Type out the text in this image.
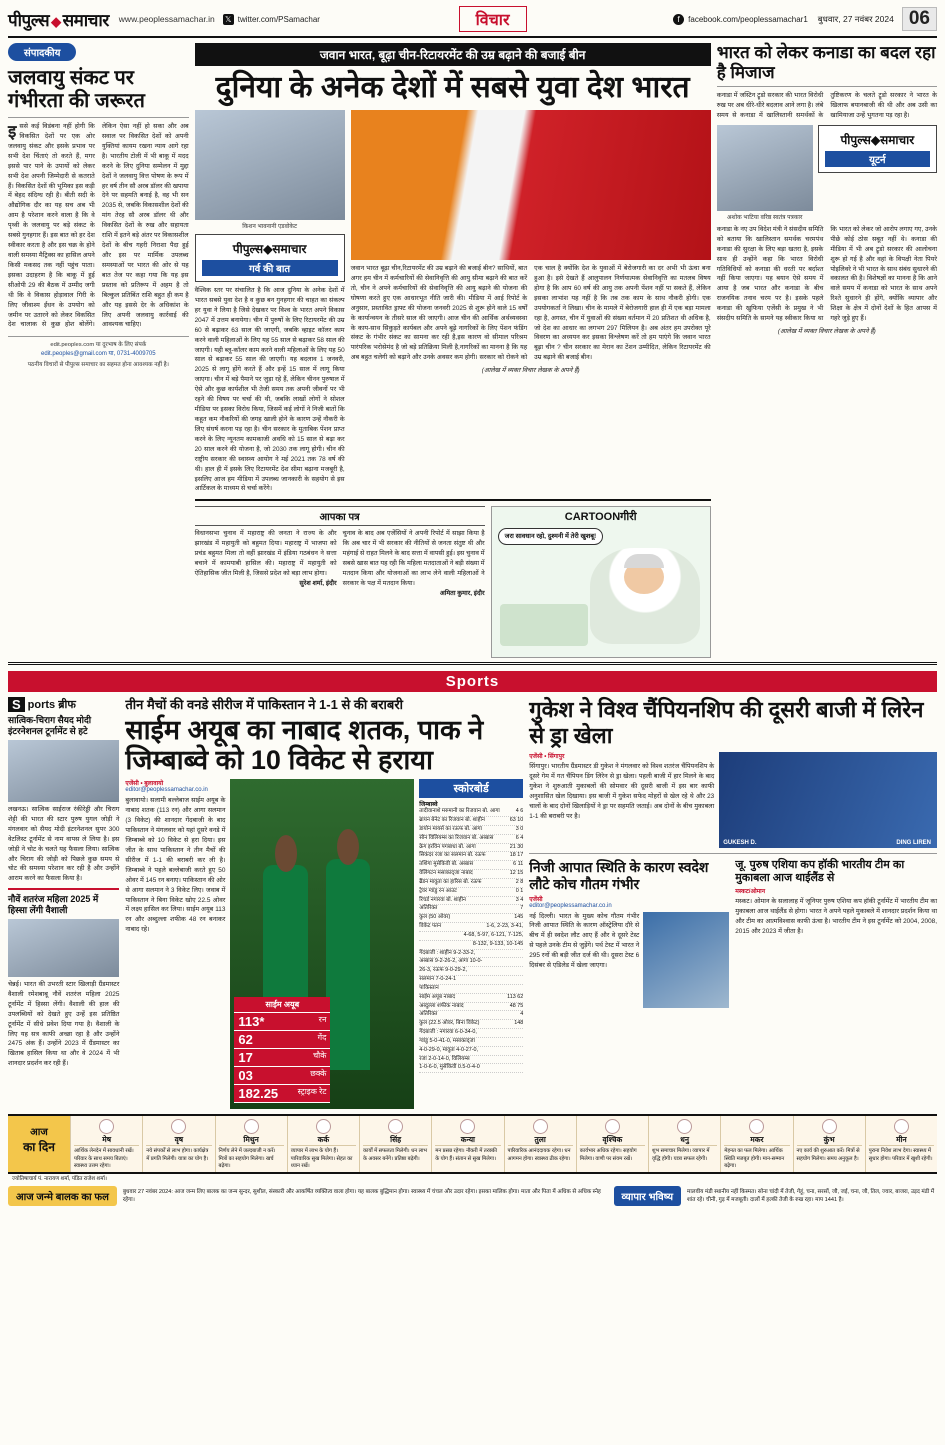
पीपुल्स ◆ समाचार www.peoplessamachar.in 𝕏 twitter.com/PSamachar	विचार	f	facebook.com/peoplessamachar1 बुधवार, 27 नवंबर 2024 06
संपादकीय
जलवायु संकट पर गंभीरता की जरूरत
इससे कई विडंबना नहीं होगी कि विकसित देशों पर एक ओर जलवायु संकट और इसके प्रभाव पर सभी देश चिंताएं तो करते हैं, मगर इससे पार पाने के उपायों को लेकर सभी देश अपनी जिम्मेदारी से कतराते हैं। विकसित देशों की भूमिका इस कड़ी में बेहद संदिग्ध रही है। बीती सदी के औद्योगिक दौर का यह सच अब भी आम है परेशान करने वाला है कि वे पृथ्वी के जलवायु पर बड़े संकट के सबसे गुनहगार हैं। इस बात को हर देश स्वीकार करता है और इस चक्र के होने वाली समस्या मैट्रिक्स का हासिल अपने किसी मकसद तक नहीं पहुंच पाता। इसका उदाहरण है कि बाकू में हुई सीओपी 29 की बैठक में उम्मीद जगी थी कि वे विकास होड़ावाल गिरी के लिए जीवाश्म ईंधन के उपयोग को जमीन पर उतारने को लेकर विकसित देश चालाक से कुछ होश बोलेंगे। लेकिन ऐसा नहीं हो सका और अब सवाल पर विकसित देशों को अपनी युक्तियां कायम रखना न्याय आगे रहा है। भारतीय टोली में भी बाकू में मदद करने के लिए दुनिया सम्मेलन में मुद्दा देशों ने जलवायु वित्त पोषण के रूप में हर वर्ष तीन सौ अरब डॉलर की खपाया देने पर सहमति बनाई है, वह भी सन 2035 से, जबकि विकासशील देशों की मांग तेरह सौ अरब डॉलर थी और विकसित देशों के रुख और सहायता राशि में इतने बड़े अंतर पर विकासशील देशों के बीच गहरी निराशा पैदा हुई और इस पर मार्मिक उपलब्ध समस्याओं पर भारत की ओर से यह बात तेज पर कहा गया कि यह इस प्रस्ताव को प्रतिरूप में अहम है तो बिल्कुल प्रतिबिंत राशि बहुत ही कम है और यह इससे देर के अधिकांश के लिए अपनी जलवायु कार्रवाई की आवश्यक चाहिए।
edit.peoples.com या दूरभाष के लिए संपर्क
edit.peoples@gmail.com या, 0731-4009705
पठनीय विचारों से पीपुल्स समाचार का सहमत होना आवश्यक नहीं है।
जवान भारत, बूढ़ा चीन-रिटायरमेंट की उम्र बढ़ाने की बजाई बीन
दुनिया के अनेक देशों में सबसे युवा देश भारत
किशन भावनानी एडवोकेट
पीपुल्स◆समाचार
गर्व की बात
वैश्विक स्तर पर संचालित है कि आज दुनिया के अनेक देशों में भारत सबसे युवा देश है व कुछ बन गुनहगार की चाहत का संकल्प हर युवा ने लिया है जिसे देखकर पर विश्व के भारत अपने विकास 2047 में उत्तम बनायेगा। चीन में पुरुषों के लिए रिटायरमेंट की उम्र 60 से बढ़ाकर 63 साल की जाएगी, जबकि व्हाइट कॉलर काम करने वाली महिलाओं के लिए यह 55 साल से बढ़ाकर 58 साल की जाएगी। यही ब्लू-कॉलर काम करने वाली महिलाओं के लिए यह 50 साल से बढ़ाकर 55 साल की जाएगी। यह बदलाव 1 जनवरी, 2025 से लागू होंगे करते हैं और इन्हें 15 साल में लागू किया जाएगा। चीन में बड़े पैमाने पर जुड़ा रहे हैं, लेकिन चीनन पुरुषाल में ऐसे और कुछ कार्यशील भी तेजी समय तक अपनी जीवनों पर भी रहने की विषय पर चर्चा की थी, जबकि लाखों लोगों ने सोशल मीडिया पर इसका विरोध किया, जिसमें कई लोगों ने निजी बातों कि कहूत कम नौकरियों की जगह खाली होने के कारण उन्हें नौकरी के लिए संघर्ष करना पड़ रहा है। चीन सरकार के मुताबिक पेंशन प्राप्त करने के लिए न्यूनतम कामकाजी अवधि को 15 साल से बढ़ा कर 20 साल करने की योजना है, जो 2030 तक लागू होगी। चीन की राष्ट्रीय सरकार की स्वास्थ्य आयोग ने मई 2021 तक 78 वर्ष की थी। हाल ही में इसके लिए रिटायरमेंट देश सीमा बढ़ाना मजबूरी है, इसलिए आज हम मीडिया में उपलब्ध जानकारी के सहयोग से इस आर्टिकल के माध्यम से चर्चा करेंगे।
जवान भारत बूढ़ा चीन,रिटायरमेंट की उम्र बढ़ाने की बजाई बीन? साथियों, बात अगर हम चीन में कर्मचारियों की सेवानिवृत्ति की आयु सीमा बढ़ाने की बात करें तो, चीन ने अपने कर्मचारियों की सेवानिवृत्ति की आयु बढ़ाने की योजना की घोषणा करते हुए एक आधारभूत नीति जारी की। मीडिया में आई रिपोर्ट के अनुसार, प्रस्तावित ड्राफ्ट की योजना जनवरी 2025 से शुरू होने वाले 15 वर्षों के कार्यान्वयन के तीसरे साल की जाएगी। आज चीन की आर्थिक अर्थव्यवस्था के काय-साथ सिकुड़ते कार्यबल और अपने बूढ़े नागरिकों के लिए पेंशन फंडिंग संकट के गंभीर संकट का सामना कर रही है,इस कारण वो सीमाल परिश्रम पारंपरिक भरोसेमंद है जो बड़े प्रतिक्रिया मिली है,नागरिकों का मानना है कि यह अब बहुत चलेगी को बढ़ाने और उनके अवसर कम होगी। सरकार को रोकने को एक चाल है क्योंकि देश के युवाओं में बेरोजगारी का दर अभी भी ऊंचा बना हुआ है। इसे देखते हैं आलुपालन निर्णयात्मक सेवानिवृत्ति का मतलब विषय होगा है कि आप 60 वर्ष की आयु तक अपनी पेंशन नहीं पा सकते हैं, लेकिन इसका लाभांश यह नहीं है कि तब तक काम के साथ नौकरी होगी। एक उपयोगकर्ता ने लिखा। चीन के मामले में बेरोजगारी हाल ही में एक बड़ा मामला रहा है, अगस्त, चीन में युवाओं की संख्या वर्तमान में 20 प्रतिशत थी अधिक है, जो देश का आधार का लगभग 297 मिलियन है। अब अंतर हम उपरोक्त पूरे विवरण का अध्ययन कर इसका विश्लेषण करें तो हम पाएंगे कि जवान भारत बूढ़ा चीन ? चीन सरकार का मेरान का टेंशन उम्मीदित, लेकिन रिटायरमेंट की उम्र बढ़ाने की बजाई बीन।
(आलेख में व्यक्त विचार लेखक के अपने हैं)
आपका पत्र
विधानसभा चुनाव में महाराष्ट्र की जनता ने राज्य के और झारखंड में महायुती को बहुमत दिया। महाराष्ट्र में भाजपा को प्रचंड बहुमत मिला तो वहीं झारखंड में इंडिया गठबंधन ने सत्ता बचाने में कामयाबी हासिल की। महाराष्ट्र में महायुती को ऐतिहासिक जीत मिली है, जिससे प्रदेश को बड़ा लाभ होगा।
सुरेश शर्मा, इंदौर
चुनाव के बाद अब एजेंसियों ने अपनी रिपोर्ट में साझा किया है कि अब चार में भी सरकार की नीतियों से जनता संतुष्ट थी और महंगाई से राहत मिलने के बाद सत्ता में वापसी हुई। इस चुनाव में सबसे खास बात यह रही कि महिला मतदाताओं ने बड़ी संख्या में मतदान किया और योजनाओं का लाभ लेने वाली महिलाओं ने सरकार के पक्ष में मतदान किया।
अमिता कुमार, इंदौर
CARTOONगीरी
जरा सावधान रहो, दुश्मनी में तेरी खुशबू!
भारत को लेकर कनाडा का बदल रहा है मिजाज
कनाडा में जस्टिन ट्रूडो सरकार की भारत विरोधी रुख पर अब धीरे-धीरे बदलाव आने लगा है। लंबे समय से कनाडा में खालिस्तानी समर्थकों के तुष्टिकरण के चलते ट्रूडो सरकार ने भारत के खिलाफ बयानबाजी की थी और अब उसी का खामियाजा उन्हें भुगतना पड़ रहा है।
अशोक भाटिया वरिष्ठ स्वतंत्र पत्रकार
पीपुल्स◆समाचार
यूटर्न
कनाडा के नए उप विदेश मंत्री ने संसदीय समिति को बताया कि खालिस्तान समर्थक चरमपंथ कनाडा की सुरक्षा के लिए बड़ा खतरा है, इसके साथ ही उन्होंने कहा कि भारत विरोधी गतिविधियों को कनाडा की धरती पर बर्दाश्त नहीं किया जाएगा। यह बयान ऐसे समय में आया है जब भारत और कनाडा के बीच राजनयिक तनाव चरम पर है। इसके पहले कनाडा की खुफिया एजेंसी के प्रमुख ने भी संसदीय समिति के सामने यह स्वीकार किया था कि भारत को लेकर जो आरोप लगाए गए, उनके पीछे कोई ठोस सबूत नहीं थे। कनाडा की मीडिया में भी अब ट्रूडो सरकार की आलोचना शुरू हो गई है और वहां के विपक्षी नेता पियरे पोइलिवरे ने भी भारत के साथ संबंध सुधारने की वकालत की है। विशेषज्ञों का मानना है कि आने वाले समय में कनाडा को भारत के साथ अपने रिश्ते सुधारने ही होंगे, क्योंकि व्यापार और शिक्षा के क्षेत्र में दोनों देशों के हित आपस में गहरे जुड़े हुए हैं।
(आलेख में व्यक्त विचार लेखक के अपने हैं)
Sports
S ports ब्रीफ
सात्विक-चिराग सैयद मोदी इंटरनेशनल टूर्नामेंट से हटे
लखनऊ। सात्विक साईराज रंकीरेड्डी और चिराग शेट्टी की भारत की स्टार पुरुष युगल जोड़ी ने मंगलवार को सैयद मोदी इंटरनेशनल सुपर 300 वेटलिस्ट टूर्नामेंट से नाम वापस ले लिया है। इस जोड़ी ने चोट के चलते यह फैसला लिया। सात्विक और चिराग की जोड़ी को पिछले कुछ समय से चोट की समस्या परेशान कर रही है और उन्होंने आराम करने का फैसला किया है।
नौवें शतरंज महिला 2025 में हिस्सा लेंगी वैशाली
चेन्नई। भारत की उभरती स्टार खिलाड़ी ग्रैंडमास्टर वैशाली रमेशबाबू नौवें शतरंज महिला 2025 टूर्नामेंट में हिस्सा लेंगी। वैशाली की हाल की उपलब्धियों को देखते हुए उन्हें इस प्रतिष्ठित टूर्नामेंट में सीधे प्रवेश दिया गया है। वैशाली के लिए यह सत्र काफी अच्छा रहा है और उन्होंने 2475 अंक हैं। उन्होंने 2023 में ग्रैंडमास्टर का खिताब हासिल किया था और वे 2024 में भी शानदार प्रदर्शन कर रही हैं।
तीन मैचों की वनडे सीरीज में पाकिस्तान ने 1-1 से की बराबरी
साईम अयूब का नाबाद शतक, पाक ने जिम्बाब्वे को 10 विकेट से हराया
एजेंसी • बुलावायो
editor@peoplessamachar.co.in
बुलावायो। सलामी बल्लेबाज साईम अयूब के नाबाद शतक (113 रन) और आगा सलमान (3 विकेट) की शानदार गेंदबाजी के बाद पाकिस्तान ने मंगलवार को यहां दूसरे वनडे में जिम्बाब्वे को 10 विकेट से हरा दिया। इस जीत के साथ पाकिस्तान ने तीन मैचों की सीरीज में 1-1 की बराबरी कर ली है। जिम्बाब्वे ने पहले बल्लेबाजी करते हुए 50 ओवर में 145 रन बनाए। पाकिस्तान की ओर से आगा सलमान ने 3 विकेट लिए। जवाब में पाकिस्तान ने बिना विकेट खोए 22.5 ओवर में लक्ष्य हासिल कर लिया। साईम अयूब 113 रन और अब्दुल्ला शफीक 48 रन बनाकर नाबाद रहे।
साईम अयूब
113*	रन
62	गेंद
17	चौके
03	छक्के
182.25 स्ट्राइक रेट
स्कोरबोर्ड
जिम्बाब्वे
तादीवानाशे मरुमानी का रिजवान बो. आगा	4 6
ब्रायन बेनेट का रिजवान बो. शाहीन	63 10
डायोन मायर्स का रऊफ बो. आगा	3 0
सीन विलियम्स का रिजवान बो. अब्बास	6 4
क्रेग इरविन पगबाधा बो. आगा	21 30
सिकंदर रजा का सलमान बो. रऊफ	18 17
तशिंगा मुसेकिवी बो. अब्बास	6 11
वेलिंगटन मसाकाद्जा नाबाद	12 15
ब्रैंडन मावुता का हारिस बो. रऊफ	2 8
ट्रेवर ग्वांडु रन आउट	0 1
रिचर्ड नगारवा बो. शाहीन	3 4
अतिरिक्त	7
कुल (50 ओवर)	145
विकेट पतन	1-6, 2-23, 3-41,
4-68, 5-97, 6-121, 7-125,
8-132, 9-133, 10-145
गेंदबाजी : शाहीन 9-2-33-2,
अब्बास 9-2-26-2, आगा 10-0-
26-3, रऊफ 9-0-29-2,
सलमान 7-0-24-1
पाकिस्तान
साईम अयूब नाबाद	113 62
अब्दुल्ला शफीक नाबाद	48 75
अतिरिक्त	4
कुल (22.5 ओवर, बिना विकेट)	148
गेंदबाजी : नगारवा 6-0-34-0,
ग्वांडु 5-0-41-0, मसाकाद्जा
4-0-29-0, मावुता 4-0-27-0,
रजा 2-0-14-0, विलियम्स
1-0-6-0, मुसेकिवी 0.5-0-4-0
गुकेश ने विश्व चैंपियनशिप की दूसरी बाजी में लिरेन से ड्रा खेला
एजेंसी • सिंगापुर
सिंगापुर। भारतीय ग्रैंडमास्टर डी गुकेश ने मंगलवार को विश्व शतरंज चैंपियनशिप के दूसरे गेम में गत चैंपियन डिंग लिरेन से ड्रा खेला। पहली बाजी में हार मिलने के बाद गुकेश ने शुरुआती मुकाबलों की सोमवार की दूसरी बाजी में इस बार काफी अनुशासित खेल दिखाया। इस बाजी में गुकेश सफेद मोहरों से खेल रहे थे और 23 चालों के बाद दोनों खिलाड़ियों ने ड्रा पर सहमति जताई। अब दोनों के बीच मुकाबला 1-1 की बराबरी पर है।
GUKESH D.	DING LIREN
निजी आपात स्थिति के कारण स्वदेश लौटे कोच गौतम गंभीर
एजेंसी
editor@peoplessamachar.co.in
नई दिल्ली। भारत के मुख्य कोच गौतम गंभीर निजी आपात स्थिति के कारण ऑस्ट्रेलिया दौरे से बीच में ही स्वदेश लौट आए हैं और वे दूसरे टेस्ट से पहले उनके टीम से जुड़ेंगे। पर्थ टेस्ट में भारत ने 295 रनों की बड़ी जीत दर्ज की थी। दूसरा टेस्ट 6 दिसंबर से एडिलेड में खेला जाएगा।
जू. पुरुष एशिया कप हॉकी भारतीय टीम का मुकाबला आज थाईलैंड से
मस्कट/ओमान
मस्कट। ओमान के सलालाह में जूनियर पुरुष एशिया कप हॉकी टूर्नामेंट में भारतीय टीम का मुकाबला आज थाईलैंड से होगा। भारत ने अपने पहले मुकाबले में शानदार प्रदर्शन किया था और टीम का आत्मविश्वास काफी ऊंचा है। भारतीय टीम ने इस टूर्नामेंट को 2004, 2008, 2015 और 2023 में जीता है।
आज
का दिन
मेष
आर्थिक लेनदेन में सावधानी रखें। परिवार के साथ समय बिताएं। स्वास्थ्य उत्तम रहेगा।
वृष
नये संपर्कों से लाभ होगा। कार्यक्षेत्र में प्रगति मिलेगी। यात्रा का योग है।
मिथुन
निर्णय लेने में जल्दबाजी न करें। मित्रों का सहयोग मिलेगा। खर्च बढ़ेगा।
कर्क
व्यापार में लाभ के योग हैं। पारिवारिक सुख मिलेगा। सेहत का ध्यान रखें।
सिंह
कार्यों में सफलता मिलेगी। धन लाभ के अवसर बनेंगे। प्रतिष्ठा बढ़ेगी।
कन्या
मन प्रसन्न रहेगा। नौकरी में तरक्की के योग हैं। संतान से सुख मिलेगा।
तुला
पारिवारिक आनंददायक रहेगा। धन आगमन होगा। स्वास्थ्य ठीक रहेगा।
वृश्चिक
कार्यभार अधिक रहेगा। सहयोग मिलेगा। वाणी पर संयम रखें।
धनु
शुभ समाचार मिलेगा। व्यापार में वृद्धि होगी। यात्रा सफल रहेगी।
मकर
मेहनत का फल मिलेगा। आर्थिक स्थिति मजबूत होगी। मान-सम्मान बढ़ेगा।
कुंभ
नए कार्य की शुरुआत करें। मित्रों से सहयोग मिलेगा। समय अनुकूल है।
मीन
पुराना निवेश लाभ देगा। स्वास्थ्य में सुधार होगा। परिवार में खुशी रहेगी।
ज्योतिषाचार्य पं. नारायण शर्मा, पंडित राजेश शर्मा।
आज जन्मे बालक का फल
बुधवार 27 नवंबर 2024: आज जन्म लिए बालक का जन्म सुन्दर, सुशील, संस्कारी और आकर्षित व्यक्तित्व वाला होगा। यह बालक बुद्धिमान होगा। स्वास्थ्य में चंचल और उदार रहेगा। इसका मालिक होगा। माता और पिता में अधिक से अधिक स्नेह रहेगा।	व्यापार भविष्य
मालवीय मंडी स्थानीय नहीं किस्मत। सोना चांदी में तेजी, गेहूं, चना, सरसों, जौ, जई, चना, जौ, तिल, ज्वार, बाजरा, उड़द मंडी में शांत रहे। चीनी, गुड़ में मजबूती। दालों में हल्की तेजी के रुख रहा। माप 1441 है।
